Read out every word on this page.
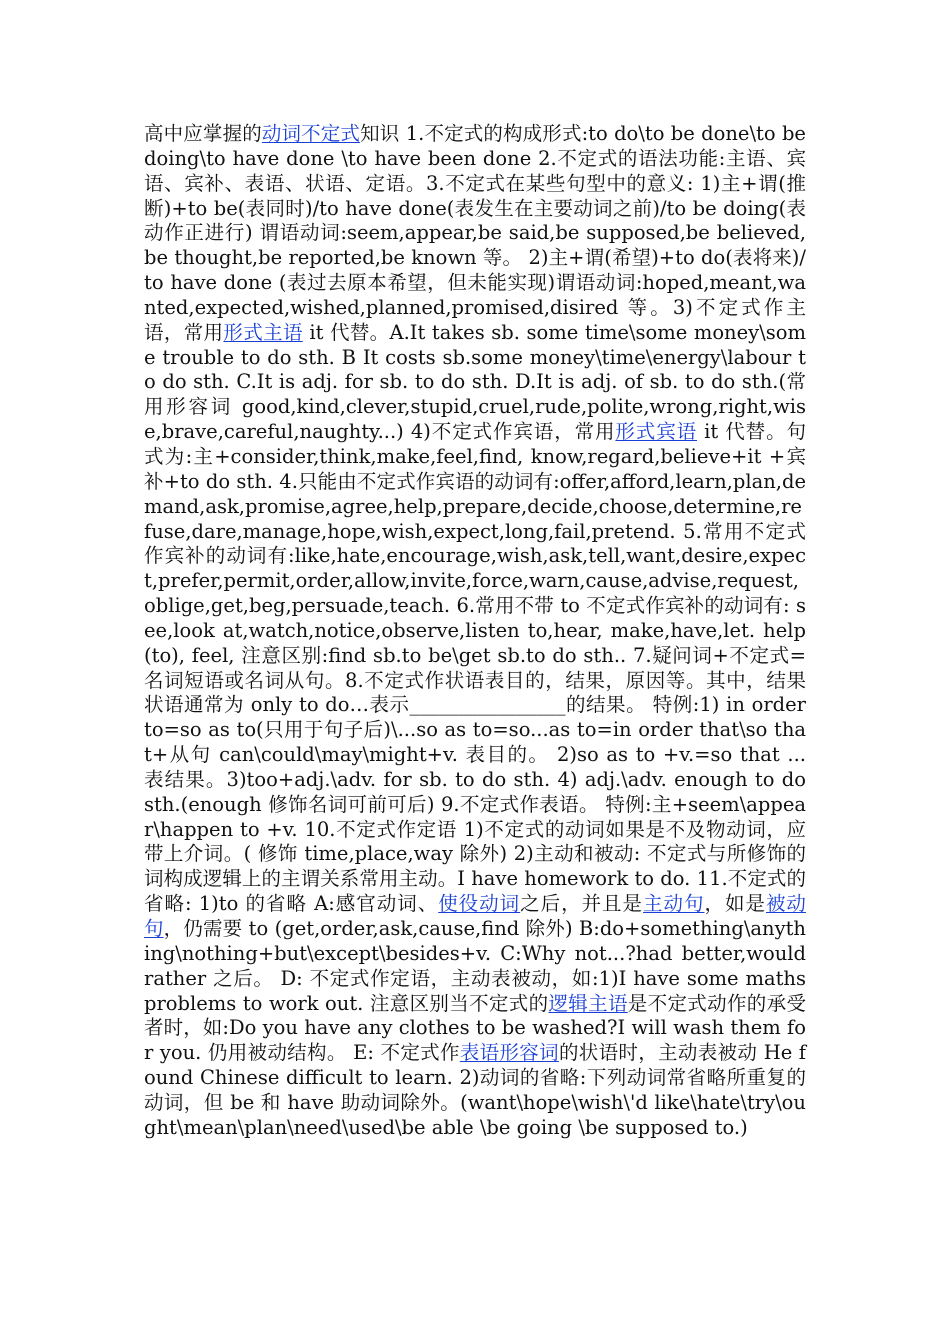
高中应掌握的动词不定式知识 1.不定式的构成形式:to do\to be done\to be doing\to have done \to have been done 2.不定式的语法功能:主语、宾语、宾补、表语、状语、定语。3.不定式在某些句型中的意义: 1)主+谓(推断)+to be(表同时)/to have done(表发生在主要动词之前)/to be doing(表动作正进行) 谓语动词:seem,appear,be said,be supposed,be believed, be thought,be reported,be known 等。 2)主+谓(希望)+to do(表将来)/to have done (表过去原本希望，但未能实现)谓语动词:hoped,meant,wanted,expected,wished,planned,promised,disired 等。3)不定式作主语，常用形式主语 it 代替。A.It takes sb. some time\some money\some trouble to do sth. B It costs sb.some money\time\energy\labour to do sth. C.It is adj. for sb. to do sth. D.It is adj. of sb. to do sth.(常用形容词 good,kind,clever,stupid,cruel,rude,polite,wrong,right,wise,brave,careful,naughty...) 4)不定式作宾语，常用形式宾语 it 代替。句式为:主+consider,think,make,feel,find, know,regard,believe+it +宾补+to do sth. 4.只能由不定式作宾语的动词有:offer,afford,learn,plan,demand,ask,promise,agree,help,prepare,decide,choose,determine,refuse,dare,manage,hope,wish,expect,long,fail,pretend. 5.常用不定式作宾补的动词有:like,hate,encourage,wish,ask,tell,want,desire,expect,prefer,permit,order,allow,invite,force,warn,cause,advise,request,oblige,get,beg,persuade,teach. 6.常用不带 to 不定式作宾补的动词有: see,look at,watch,notice,observe,listen to,hear, make,have,let. help (to), feel, 注意区别:find sb.to be\get sb.to do sth.. 7.疑问词+不定式=名词短语或名词从句。8.不定式作状语表目的，结果，原因等。其中，结果状语通常为 only to do…表示________________的结果。 特例:1) in order to=so as to(只用于句子后)\...so as to=so...as to=in order that\so that+从句 can\could\may\might+v. 表目的。 2)so as to +v.=so that ... 表结果。3)too+adj.\adv. for sb. to do sth. 4) adj.\adv. enough to do sth.(enough 修饰名词可前可后) 9.不定式作表语。 特例:主+seem\appear\happen to +v. 10.不定式作定语 1)不定式的动词如果是不及物动词，应带上介词。( 修饰 time,place,way 除外) 2)主动和被动: 不定式与所修饰的词构成逻辑上的主谓关系常用主动。I have homework to do. 11.不定式的省略: 1)to 的省略 A:感官动词、使役动词之后，并且是主动句，如是被动句，仍需要 to (get,order,ask,cause,find 除外) B:do+something\anything\nothing+but\except\besides+v. C:Why not...?had better,would rather 之后。 D: 不定式作定语，主动表被动，如:1)I have some maths problems to work out. 注意区别当不定式的逻辑主语是不定式动作的承受者时，如:Do you have any clothes to be washed?I will wash them for you. 仍用被动结构。 E: 不定式作表语形容词的状语时，主动表被动 He found Chinese difficult to learn. 2)动词的省略:下列动词常省略所重复的动词，但 be 和 have 助动词除外。(want\hope\wish\'d like\hate\try\ought\mean\plan\need\used\be able \be going \be supposed to.)
